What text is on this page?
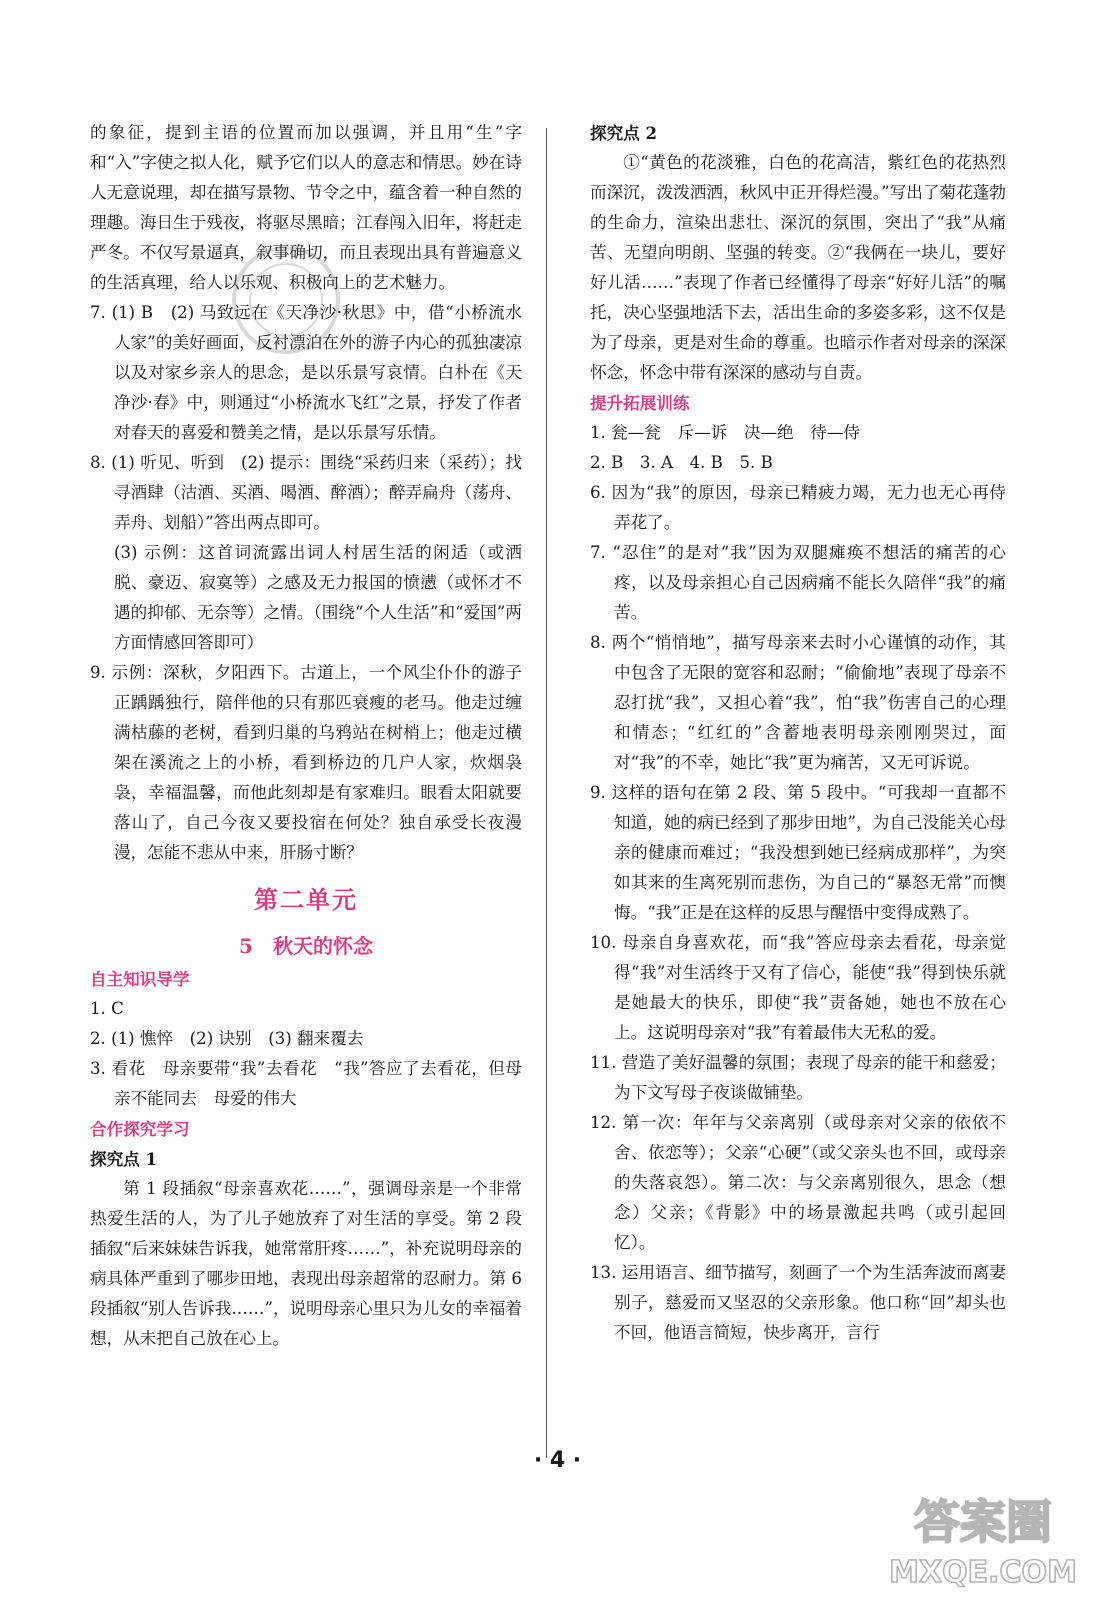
的象征，提到主语的位置而加以强调，并且用“生”字和“入”字使之拟人化，赋予它们以人的意志和情思。妙在诗人无意说理，却在描写景物、节令之中，蕴含着一种自然的理趣。海日生于残夜，将驱尽黑暗；江春闯入旧年，将赶走严冬。不仅写景逼真，叙事确切，而且表现出具有普遍意义的生活真理，给人以乐观、积极向上的艺术魅力。

7. (1) B　(2) 马致远在《天净沙·秋思》中，借“小桥流水人家”的美好画面，反衬漂泊在外的游子内心的孤独凄凉以及对家乡亲人的思念，是以乐景写哀情。白朴在《天净沙·春》中，则通过“小桥流水飞红”之景，抒发了作者对春天的喜爱和赞美之情，是以乐景写乐情。

8. (1) 听见、听到　(2) 提示：围绕“采药归来（采药）；找寻酒肆（沽酒、买酒、喝酒、醉酒）；醉弄扁舟（荡舟、弄舟、划船）”答出两点即可。

(3) 示例：这首词流露出词人村居生活的闲适（或洒脱、豪迈、寂寞等）之感及无力报国的愤懑（或怀才不遇的抑郁、无奈等）之情。（围绕“个人生活”和“爱国”两方面情感回答即可）

9. 示例：深秋，夕阳西下。古道上，一个风尘仆仆的游子正踽踽独行，陪伴他的只有那匹衰瘦的老马。他走过缠满枯藤的老树，看到归巢的乌鸦站在树梢上；他走过横架在溪流之上的小桥，看到桥边的几户人家，炊烟袅袅，幸福温馨，而他此刻却是有家难归。眼看太阳就要落山了，自己今夜又要投宿在何处？独自承受长夜漫漫，怎能不悲从中来，肝肠寸断？

第二单元
5　秋天的怀念

自主知识导学

1. C

2. (1) 憔悴　(2) 诀别　(3) 翻来覆去

3. 看花　母亲要带“我”去看花　“我”答应了去看花，但母亲不能同去　母爱的伟大

合作探究学习

探究点 1

第 1 段插叙“母亲喜欢花……”，强调母亲是一个非常热爱生活的人，为了儿子她放弃了对生活的享受。第 2 段插叙“后来妹妹告诉我，她常常肝疼……”，补充说明母亲的病具体严重到了哪步田地，表现出母亲超常的忍耐力。第 6 段插叙“别人告诉我……”，说明母亲心里只为儿女的幸福着想，从未把自己放在心上。

探究点 2

①“黄色的花淡雅，白色的花高洁，紫红色的花热烈而深沉，泼泼洒洒，秋风中正开得烂漫。”写出了菊花蓬勃的生命力，渲染出悲壮、深沉的氛围，突出了“我”从痛苦、无望向明朗、坚强的转变。②“我俩在一块儿，要好好儿活……”表现了作者已经懂得了母亲“好好儿活”的嘱托，决心坚强地活下去，活出生命的多姿多彩，这不仅是为了母亲，更是对生命的尊重。也暗示作者对母亲的深深怀念，怀念中带有深深的感动与自责。

提升拓展训练

1. 瓮—瓮　斥—诉　决—绝　待—侍

2. B　3. A　4. B　5. B

6. 因为“我”的原因，母亲已精疲力竭，无力也无心再侍弄花了。

7. “忍住”的是对“我”因为双腿瘫痪不想活的痛苦的心疼，以及母亲担心自己因病痛不能长久陪伴“我”的痛苦。

8. 两个“悄悄地”，描写母亲来去时小心谨慎的动作，其中包含了无限的宽容和忍耐；“偷偷地”表现了母亲不忍打扰“我”，又担心着“我”，怕“我”伤害自己的心理和情态；“红红的”含蓄地表明母亲刚刚哭过，面对“我”的不幸，她比“我”更为痛苦，又无可诉说。

9. 这样的语句在第 2 段、第 5 段中。“可我却一直都不知道，她的病已经到了那步田地”，为自己没能关心母亲的健康而难过；“我没想到她已经病成那样”，为突如其来的生离死别而悲伤，为自己的“暴怒无常”而懊悔。“我”正是在这样的反思与醒悟中变得成熟了。

10. 母亲自身喜欢花，而“我”答应母亲去看花，母亲觉得“我”对生活终于又有了信心，能使“我”得到快乐就是她最大的快乐，即使“我”责备她，她也不放在心上。这说明母亲对“我”有着最伟大无私的爱。

11. 营造了美好温馨的氛围；表现了母亲的能干和慈爱；为下文写母子夜谈做铺垫。

12. 第一次：年年与父亲离别（或母亲对父亲的依依不舍、依恋等）；父亲“心硬”（或父亲头也不回，或母亲的失落哀怨）。第二次：与父亲离别很久，思念（想念）父亲；《背影》中的场景激起共鸣（或引起回忆）。

13. 运用语言、细节描写，刻画了一个为生活奔波而离妻别子，慈爱而又坚忍的父亲形象。他口称“回”却头也不回，他语言简短，快步离开，言行

· 4 ·
答案圈
MXQE.COM
